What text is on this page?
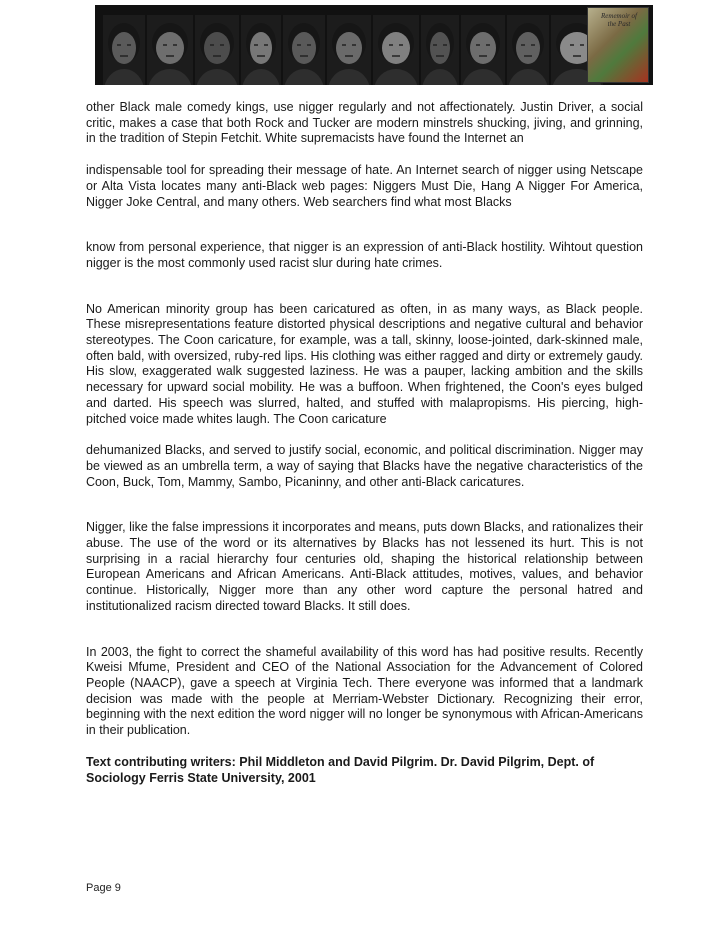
Rememoir of the Past

other Black male comedy kings, use nigger regularly and not affectionately. Justin Driver, a social critic, makes a case that both Rock and Tucker are modern minstrels shucking, jiving, and grinning, in the tradition of Stepin Fetchit. White supremacists have found the Internet an

indispensable tool for spreading their message of hate. An Internet search of nigger using Netscape or Alta Vista locates many anti-Black web pages: Niggers Must Die, Hang A Nigger For America, Nigger Joke Central, and many others. Web searchers find what most Blacks

know from personal experience, that nigger is an expression of anti-Black hostility. Wihtout question nigger is the most commonly used racist slur during hate crimes.

No American minority group has been caricatured as often, in as many ways, as Black people. These misrepresentations feature distorted physical descriptions and negative cultural and behavior stereotypes. The Coon caricature, for example, was a tall, skinny, loose-jointed, dark-skinned male, often bald, with oversized, ruby-red lips. His clothing was either ragged and dirty or extremely gaudy. His slow, exaggerated walk suggested laziness. He was a pauper, lacking ambition and the skills necessary for upward social mobility. He was a buffoon. When frightened, the Coon's eyes bulged and darted. His speech was slurred, halted, and stuffed with malapropisms. His piercing, high-pitched voice made whites laugh. The Coon caricature

dehumanized Blacks, and served to justify social, economic, and political discrimination. Nigger may be viewed as an umbrella term, a way of saying that Blacks have the negative characteristics of the Coon, Buck, Tom, Mammy, Sambo, Picaninny, and other anti-Black caricatures.

Nigger, like the false impressions it incorporates and means, puts down Blacks, and rationalizes their abuse. The use of the word or its alternatives by Blacks has not lessened its hurt. This is not surprising in a racial hierarchy four centuries old, shaping the historical relationship between European Americans and African Americans. Anti-Black attitudes, motives, values, and behavior continue. Historically, Nigger more than any other word capture the personal hatred and institutionalized racism directed toward Blacks. It still does.

In 2003, the fight to correct the shameful availability of this word has had positive results. Recently Kweisi Mfume, President and CEO of the National Association for the Advancement of Colored People (NAACP), gave a speech at Virginia Tech. There everyone was informed that a landmark decision was made with the people at Merriam-Webster Dictionary. Recognizing their error, beginning with the next edition the word nigger will no longer be synonymous with African-Americans in their publication.

Text contributing writers: Phil Middleton and David Pilgrim. Dr. David Pilgrim, Dept. of Sociology Ferris State University, 2001

Page 9
